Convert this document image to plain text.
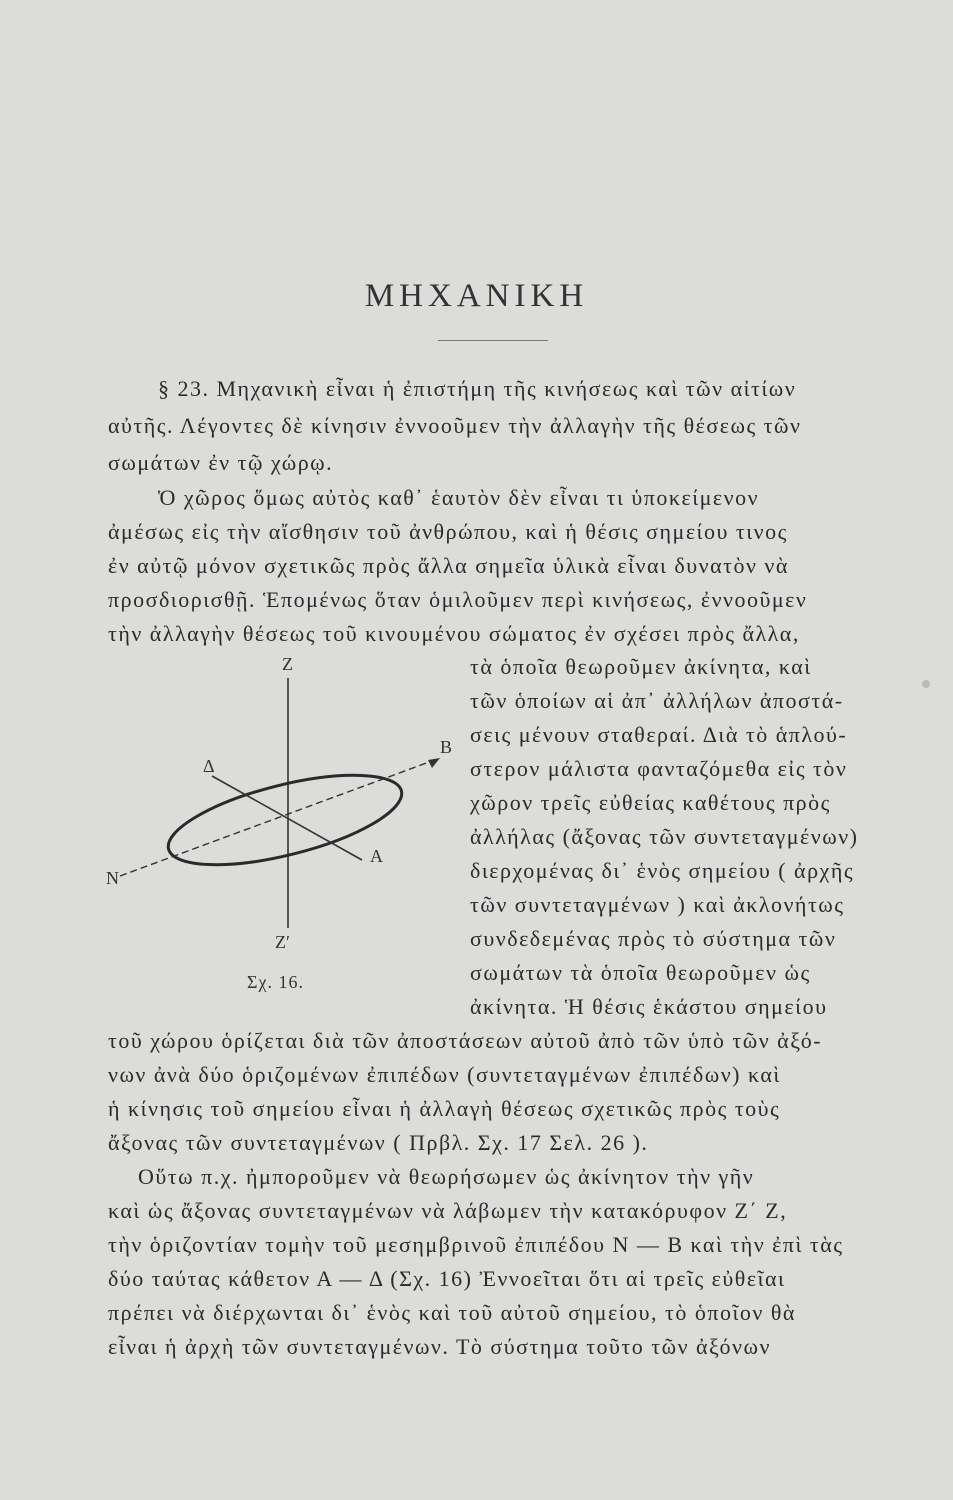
ΜΗΧΑΝΙΚΗ
§ 23. Μηχανικὴ εἶναι ἡ ἐπιστήμη τῆς κινήσεως καὶ τῶν αἰτίων
αὐτῆς. Λέγοντες δὲ κίνησιν ἐννοοῦμεν τὴν ἀλλαγὴν τῆς θέσεως τῶν
σωμάτων ἐν τῷ χώρῳ.
Ὁ χῶρος ὅμως αὐτὸς καθ᾿ ἑαυτὸν δὲν εἶναι τι ὑποκείμενον
ἀμέσως εἰς τὴν αἴσθησιν τοῦ ἀνθρώπου, καὶ ἡ θέσις σημείου τινος
ἐν αὐτῷ μόνον σχετικῶς πρὸς ἄλλα σημεῖα ὑλικὰ εἶναι δυνατὸν νὰ
προσδιορισθῇ. Ἑπομένως ὅταν ὁμιλοῦμεν περὶ κινήσεως, ἐννοοῦμεν
τὴν ἀλλαγὴν θέσεως τοῦ κινουμένου σώματος ἐν σχέσει πρὸς ἄλλα,
τὰ ὁποῖα θεωροῦμεν ἀκίνητα, καὶ
τῶν ὁποίων αἱ ἀπ᾿ ἀλλήλων ἀποστά-
σεις μένουν σταθεραί. Διὰ τὸ ἁπλού-
στερον μάλιστα φανταζόμεθα εἰς τὸν
χῶρον τρεῖς εὐθείας καθέτους πρὸς
ἀλλήλας (ἄξονας τῶν συντεταγμένων)
διερχομένας δι᾿ ἑνὸς σημείου ( ἀρχῆς
τῶν συντεταγμένων ) καὶ ἀκλονήτως
συνδεδεμένας πρὸς τὸ σύστημα τῶν
σωμάτων τὰ ὁποῖα θεωροῦμεν ὡς
ἀκίνητα. Ἡ θέσις ἑκάστου σημείου
τοῦ χώρου ὁρίζεται διὰ τῶν ἀποστάσεων αὐτοῦ ἀπὸ τῶν ὑπὸ τῶν ἀξό-
νων ἀνὰ δύο ὁριζομένων ἐπιπέδων (συντεταγμένων ἐπιπέδων) καὶ
ἡ κίνησις τοῦ σημείου εἶναι ἡ ἀλλαγὴ θέσεως σχετικῶς πρὸς τοὺς
ἄξονας τῶν συντεταγμένων ( Πρβλ. Σχ. 17 Σελ. 26 ).
Οὕτω π.χ. ἠμποροῦμεν νὰ θεωρήσωμεν ὡς ἀκίνητον τὴν γῆν
καὶ ὡς ἄξονας συντεταγμένων νὰ λάβωμεν τὴν κατακόρυφον Ζ΄ Ζ,
τὴν ὁριζοντίαν τομὴν τοῦ μεσημβρινοῦ ἐπιπέδου Ν — Β καὶ τὴν ἐπὶ τὰς
δύο ταύτας κάθετον Α — Δ (Σχ. 16) Ἐννοεῖται ὅτι αἱ τρεῖς εὐθεῖαι
πρέπει νὰ διέρχωνται δι᾿ ἑνὸς καὶ τοῦ αὐτοῦ σημείου, τὸ ὁποῖον θὰ
εἶναι ἡ ἀρχὴ τῶν συντεταγμένων. Τὸ σύστημα τοῦτο τῶν ἀξόνων
Z
Z′
N
B
A
Δ
Σχ. 16.
